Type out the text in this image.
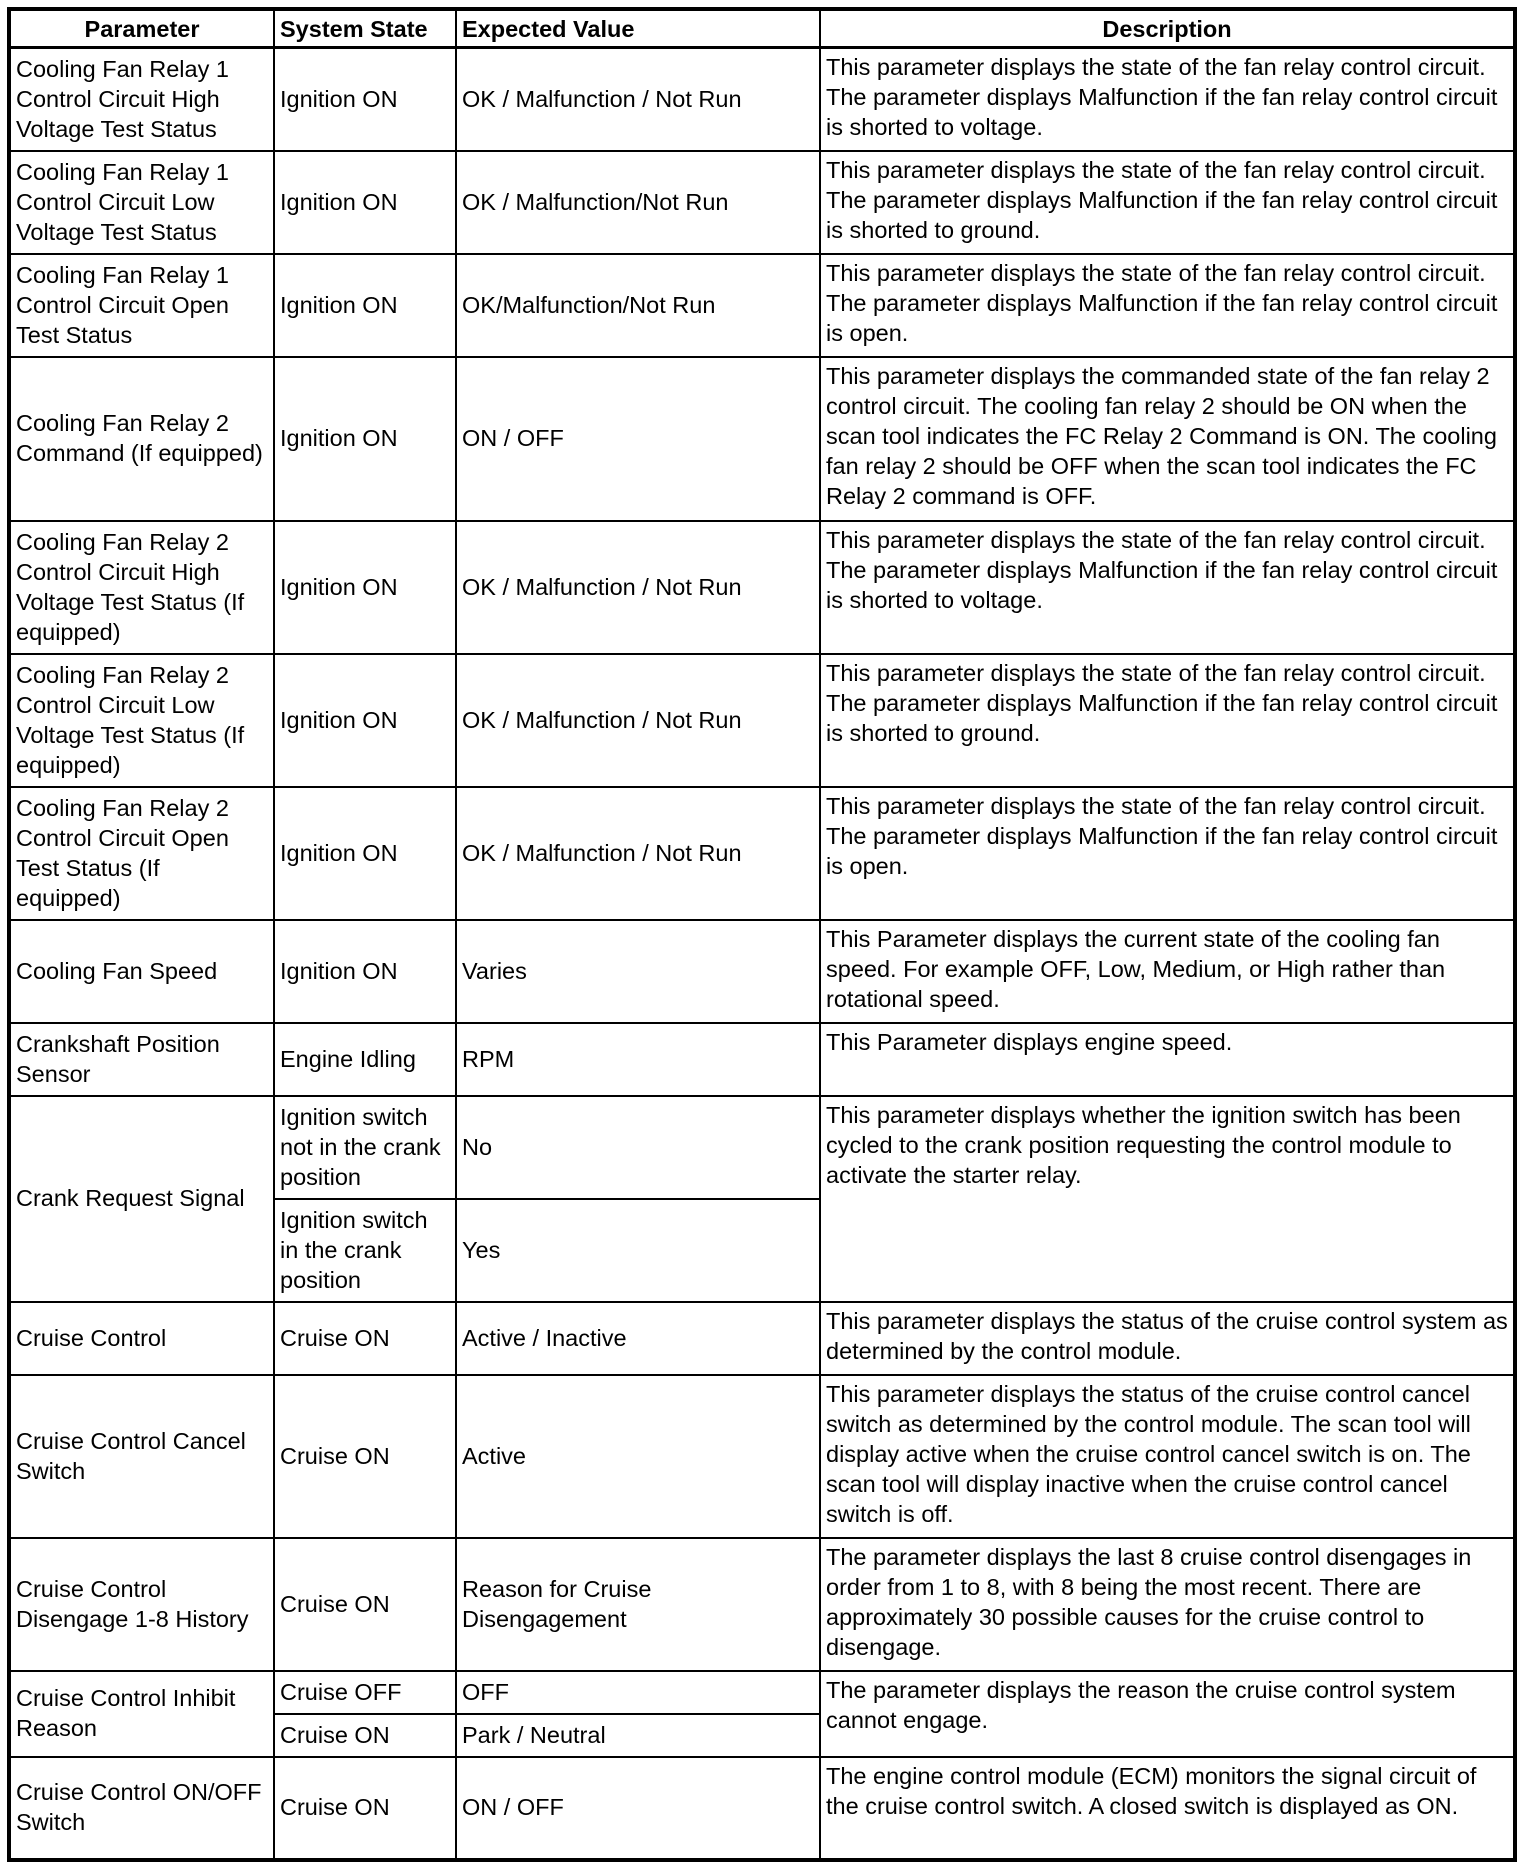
Parameter	System State	Expected Value	Description
Cooling Fan Relay 1 Control Circuit High Voltage Test Status	Ignition ON	OK / Malfunction / Not Run	This parameter displays the state of the fan relay control circuit. The parameter displays Malfunction if the fan relay control circuit is shorted to voltage.
Cooling Fan Relay 1 Control Circuit Low Voltage Test Status	Ignition ON	OK / Malfunction/Not Run	This parameter displays the state of the fan relay control circuit. The parameter displays Malfunction if the fan relay control circuit is shorted to ground.
Cooling Fan Relay 1 Control Circuit Open Test Status	Ignition ON	OK/Malfunction/Not Run	This parameter displays the state of the fan relay control circuit. The parameter displays Malfunction if the fan relay control circuit is open.
Cooling Fan Relay 2 Command (If equipped)	Ignition ON	ON / OFF	This parameter displays the commanded state of the fan relay 2 control circuit. The cooling fan relay 2 should be ON when the scan tool indicates the FC Relay 2 Command is ON. The cooling fan relay 2 should be OFF when the scan tool indicates the FC Relay 2 command is OFF.
Cooling Fan Relay 2 Control Circuit High Voltage Test Status (If equipped)	Ignition ON	OK / Malfunction / Not Run	This parameter displays the state of the fan relay control circuit. The parameter displays Malfunction if the fan relay control circuit is shorted to voltage.
Cooling Fan Relay 2 Control Circuit Low Voltage Test Status (If equipped)	Ignition ON	OK / Malfunction / Not Run	This parameter displays the state of the fan relay control circuit. The parameter displays Malfunction if the fan relay control circuit is shorted to ground.
Cooling Fan Relay 2 Control Circuit Open Test Status (If equipped)	Ignition ON	OK / Malfunction / Not Run	This parameter displays the state of the fan relay control circuit. The parameter displays Malfunction if the fan relay control circuit is open.
Cooling Fan Speed	Ignition ON	Varies	This Parameter displays the current state of the cooling fan speed. For example OFF, Low, Medium, or High rather than rotational speed.
Crankshaft Position Sensor	Engine Idling	RPM	This Parameter displays engine speed.
Crank Request Signal	Ignition switch not in the crank position	No	This parameter displays whether the ignition switch has been cycled to the crank position requesting the control module to activate the starter relay.
	Ignition switch in the crank position	Yes	
Cruise Control	Cruise ON	Active / Inactive	This parameter displays the status of the cruise control system as determined by the control module.
Cruise Control Cancel Switch	Cruise ON	Active	This parameter displays the status of the cruise control cancel switch as determined by the control module. The scan tool will display active when the cruise control cancel switch is on. The scan tool will display inactive when the cruise control cancel switch is off.
Cruise Control Disengage 1-8 History	Cruise ON	Reason for Cruise Disengagement	The parameter displays the last 8 cruise control disengages in order from 1 to 8, with 8 being the most recent. There are approximately 30 possible causes for the cruise control to disengage.
Cruise Control Inhibit Reason	Cruise OFF	OFF	The parameter displays the reason the cruise control system cannot engage.
	Cruise ON	Park / Neutral	
Cruise Control ON/OFF Switch	Cruise ON	ON / OFF	The engine control module (ECM) monitors the signal circuit of the cruise control switch. A closed switch is displayed as ON.
